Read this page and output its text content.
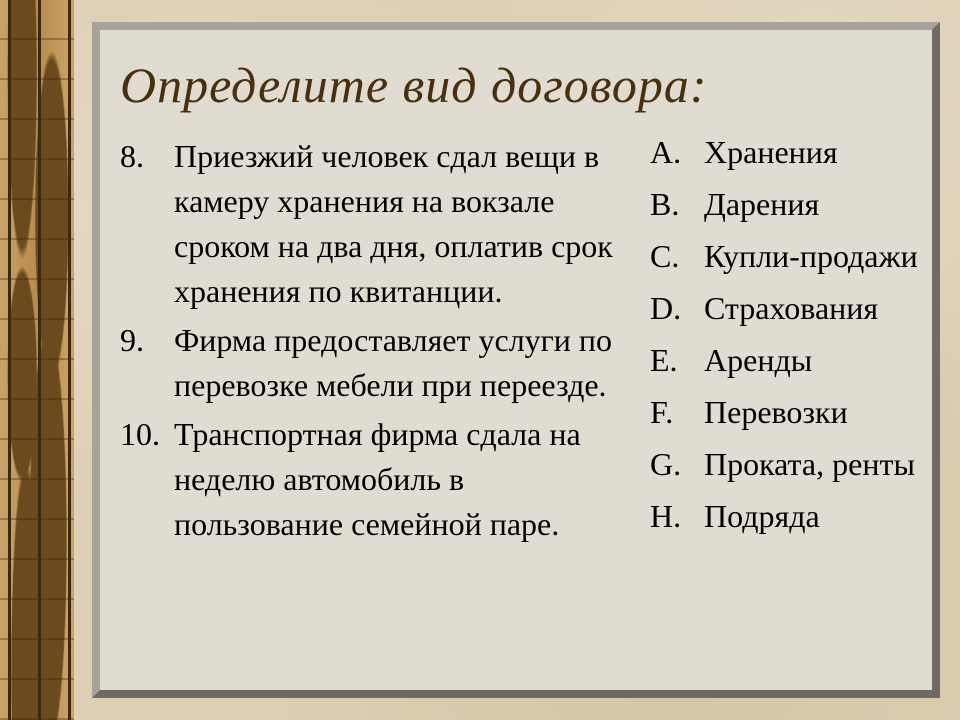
Определите вид договора:
8. Приезжий человек сдал вещи в камеру хранения на вокзале сроком на два дня, оплатив срок хранения по квитанции.
9. Фирма предоставляет услуги по перевозке мебели при переезде.
10. Транспортная фирма сдала на неделю автомобиль в пользование семейной паре.
A. Хранения
B. Дарения
C. Купли-продажи
D. Страхования
E. Аренды
F. Перевозки
G. Проката, ренты
H. Подряда
